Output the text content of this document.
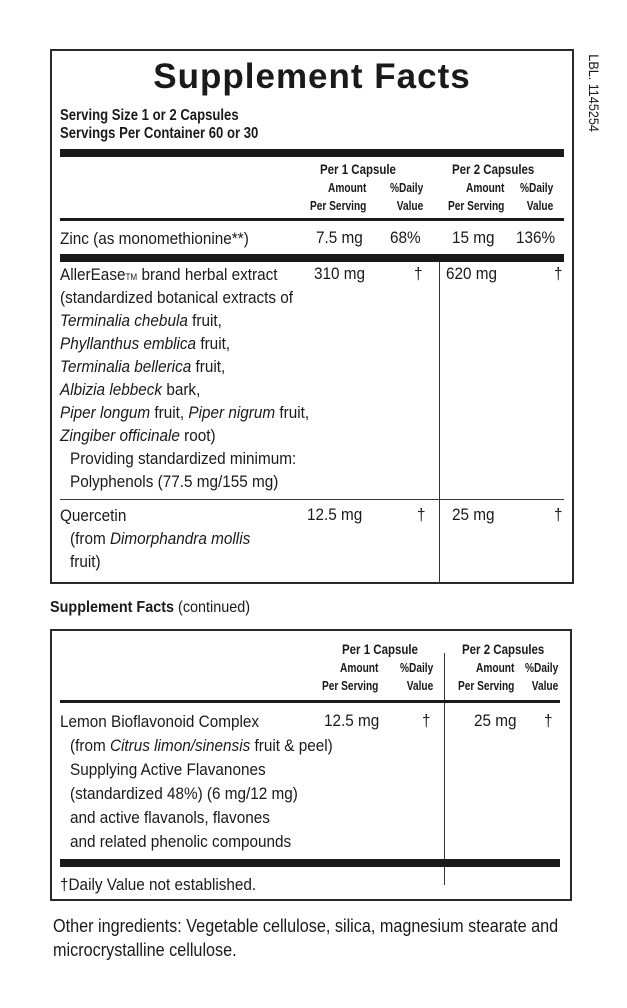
LBL. 1145254
Supplement Facts
Serving Size 1 or 2 Capsules
Servings Per Container 60 or 30
Per 1 Capsule	Per 2 Capsules
Amount
Per Serving
%Daily
Value
Amount
Per Serving
%Daily
Value
Zinc (as monomethionine**)	7.5 mg 68% 15 mg 136%
AllerEaseTM brand herbal extract
(standardized botanical extracts of
Terminalia chebula fruit,
Phyllanthus emblica fruit,
Terminalia bellerica fruit,
Albizia lebbeck bark,
Piper longum fruit, Piper nigrum fruit,
Zingiber officinale root)
Providing standardized minimum:
Polyphenols (77.5 mg/155 mg)
310 mg	† 620 mg	†
Quercetin
(from Dimorphandra mollis
fruit)
12.5 mg	† 25 mg	†
Supplement Facts (continued)
Per 1 Capsule	Per 2 Capsules
Amount
Per Serving
%Daily
Value
Amount
Per Serving
%Daily
Value
Lemon Bioflavonoid Complex
(from Citrus limon/sinensis fruit & peel)
Supplying Active Flavanones
(standardized 48%) (6 mg/12 mg)
and active flavanols, flavones
and related phenolic compounds
12.5 mg	†	25 mg †
†Daily Value not established.
Other ingredients: Vegetable cellulose, silica, magnesium stearate and microcrystalline cellulose.
